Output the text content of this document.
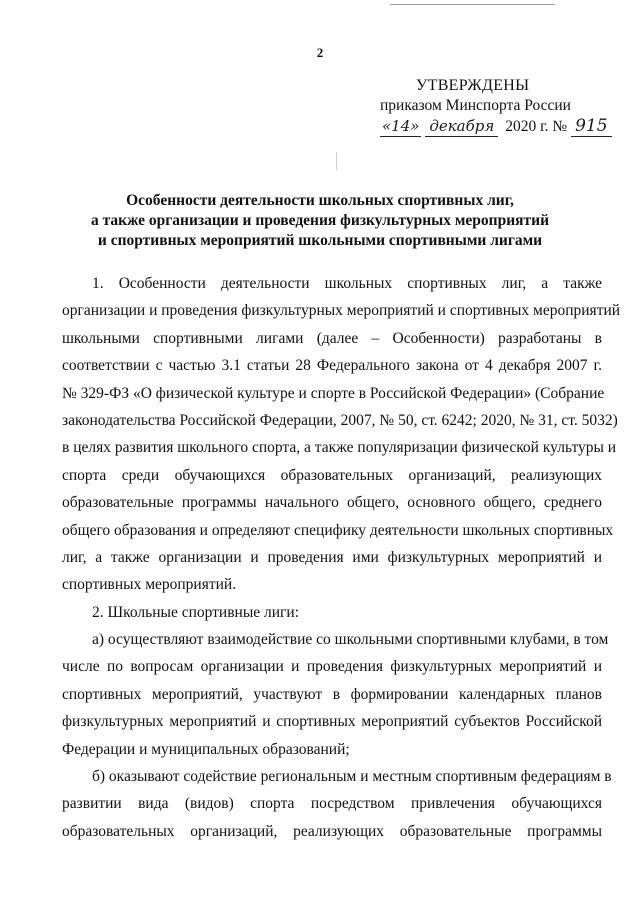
2
УТВЕРЖДЕНЫ
приказом Минспорта России
«14» декабря 2020 г. № 915
Особенности деятельности школьных спортивных лиг,
а также организации и проведения физкультурных мероприятий
и спортивных мероприятий школьными спортивными лигами
1. Особенности деятельности школьных спортивных лиг, а также
организации и проведения физкультурных мероприятий и спортивных мероприятий
школьными спортивными лигами (далее – Особенности) разработаны в
соответствии с частью 3.1 статьи 28 Федерального закона от 4 декабря 2007 г.
№ 329-ФЗ «О физической культуре и спорте в Российской Федерации» (Собрание
законодательства Российской Федерации, 2007, № 50, ст. 6242; 2020, № 31, ст. 5032)
в целях развития школьного спорта, а также популяризации физической культуры и
спорта среди обучающихся образовательных организаций, реализующих
образовательные программы начального общего, основного общего, среднего
общего образования и определяют специфику деятельности школьных спортивных
лиг, а также организации и проведения ими физкультурных мероприятий и
спортивных мероприятий.
2. Школьные спортивные лиги:
а) осуществляют взаимодействие со школьными спортивными клубами, в том
числе по вопросам организации и проведения физкультурных мероприятий и
спортивных мероприятий, участвуют в формировании календарных планов
физкультурных мероприятий и спортивных мероприятий субъектов Российской
Федерации и муниципальных образований;
б) оказывают содействие региональным и местным спортивным федерациям в
развитии вида (видов) спорта посредством привлечения обучающихся
образовательных организаций, реализующих образовательные программы
